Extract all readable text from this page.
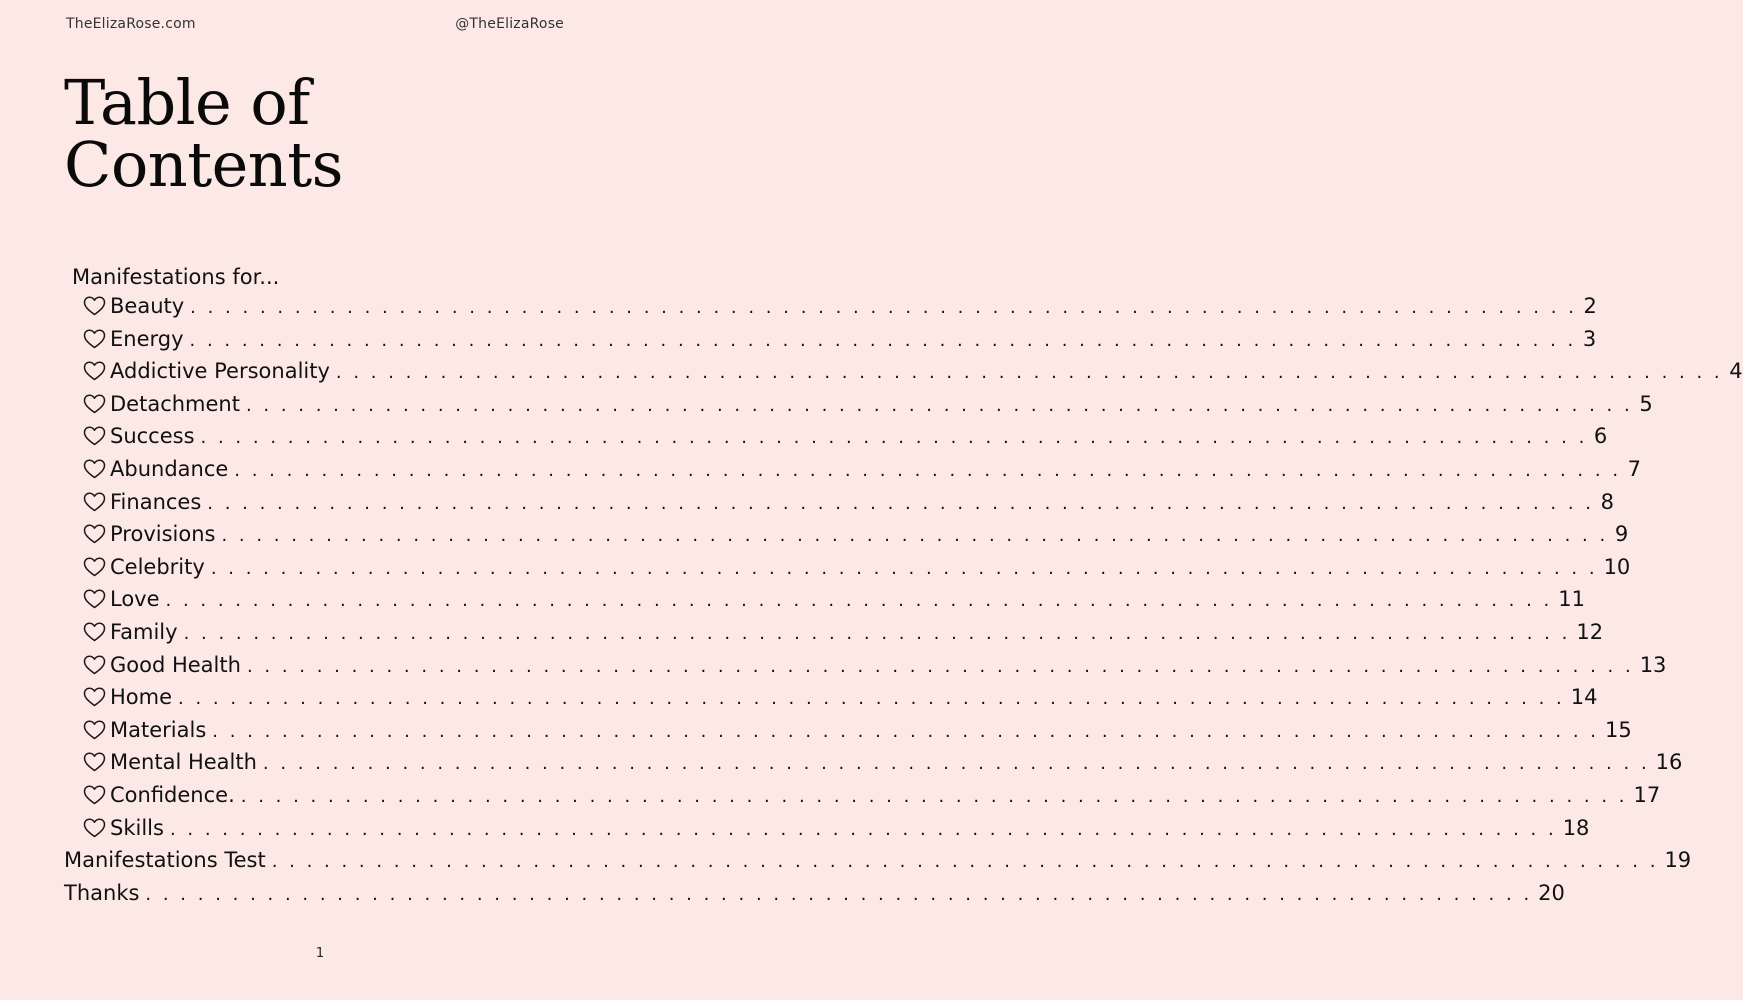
TheElizaRose.com	@TheElizaRose
Table of
Contents
Manifestations for...
Beauty . . . . . . . . . . . . . . . . . . . . . . . . . . . . . . . . . . . . . . . . . . . . . . . . . . . . . . . . . . . . . . . . . . . . . . . . . . . . . . . . 2
Energy . . . . . . . . . . . . . . . . . . . . . . . . . . . . . . . . . . . . . . . . . . . . . . . . . . . . . . . . . . . . . . . . . . . . . . . . . . . . . . . . 3
Addictive Personality . . . . . . . . . . . . . . . . . . . . . . . . . . . . . . . . . . . . . . . . . . . . . . . . . . . . . . . . . . . . . . . . . . . . . . . . . . . . . . . . 4
Detachment . . . . . . . . . . . . . . . . . . . . . . . . . . . . . . . . . . . . . . . . . . . . . . . . . . . . . . . . . . . . . . . . . . . . . . . . . . . . . . . . 5
Success . . . . . . . . . . . . . . . . . . . . . . . . . . . . . . . . . . . . . . . . . . . . . . . . . . . . . . . . . . . . . . . . . . . . . . . . . . . . . . . . 6
Abundance . . . . . . . . . . . . . . . . . . . . . . . . . . . . . . . . . . . . . . . . . . . . . . . . . . . . . . . . . . . . . . . . . . . . . . . . . . . . . . . . 7
Finances . . . . . . . . . . . . . . . . . . . . . . . . . . . . . . . . . . . . . . . . . . . . . . . . . . . . . . . . . . . . . . . . . . . . . . . . . . . . . . . . 8
Provisions . . . . . . . . . . . . . . . . . . . . . . . . . . . . . . . . . . . . . . . . . . . . . . . . . . . . . . . . . . . . . . . . . . . . . . . . . . . . . . . . 9
Celebrity . . . . . . . . . . . . . . . . . . . . . . . . . . . . . . . . . . . . . . . . . . . . . . . . . . . . . . . . . . . . . . . . . . . . . . . . . . . . . . . . 10
Love . . . . . . . . . . . . . . . . . . . . . . . . . . . . . . . . . . . . . . . . . . . . . . . . . . . . . . . . . . . . . . . . . . . . . . . . . . . . . . . . 11
Family . . . . . . . . . . . . . . . . . . . . . . . . . . . . . . . . . . . . . . . . . . . . . . . . . . . . . . . . . . . . . . . . . . . . . . . . . . . . . . . . 12
Good Health . . . . . . . . . . . . . . . . . . . . . . . . . . . . . . . . . . . . . . . . . . . . . . . . . . . . . . . . . . . . . . . . . . . . . . . . . . . . . . . . 13
Home . . . . . . . . . . . . . . . . . . . . . . . . . . . . . . . . . . . . . . . . . . . . . . . . . . . . . . . . . . . . . . . . . . . . . . . . . . . . . . . . 14
Materials . . . . . . . . . . . . . . . . . . . . . . . . . . . . . . . . . . . . . . . . . . . . . . . . . . . . . . . . . . . . . . . . . . . . . . . . . . . . . . . . 15
Mental Health . . . . . . . . . . . . . . . . . . . . . . . . . . . . . . . . . . . . . . . . . . . . . . . . . . . . . . . . . . . . . . . . . . . . . . . . . . . . . . . . 16
Confidence. . . . . . . . . . . . . . . . . . . . . . . . . . . . . . . . . . . . . . . . . . . . . . . . . . . . . . . . . . . . . . . . . . . . . . . . . . . . . . . . . 17
Skills . . . . . . . . . . . . . . . . . . . . . . . . . . . . . . . . . . . . . . . . . . . . . . . . . . . . . . . . . . . . . . . . . . . . . . . . . . . . . . . . 18
Manifestations Test . . . . . . . . . . . . . . . . . . . . . . . . . . . . . . . . . . . . . . . . . . . . . . . . . . . . . . . . . . . . . . . . . . . . . . . . . . . . . . . . 19
Thanks . . . . . . . . . . . . . . . . . . . . . . . . . . . . . . . . . . . . . . . . . . . . . . . . . . . . . . . . . . . . . . . . . . . . . . . . . . . . . . . . 20
1
